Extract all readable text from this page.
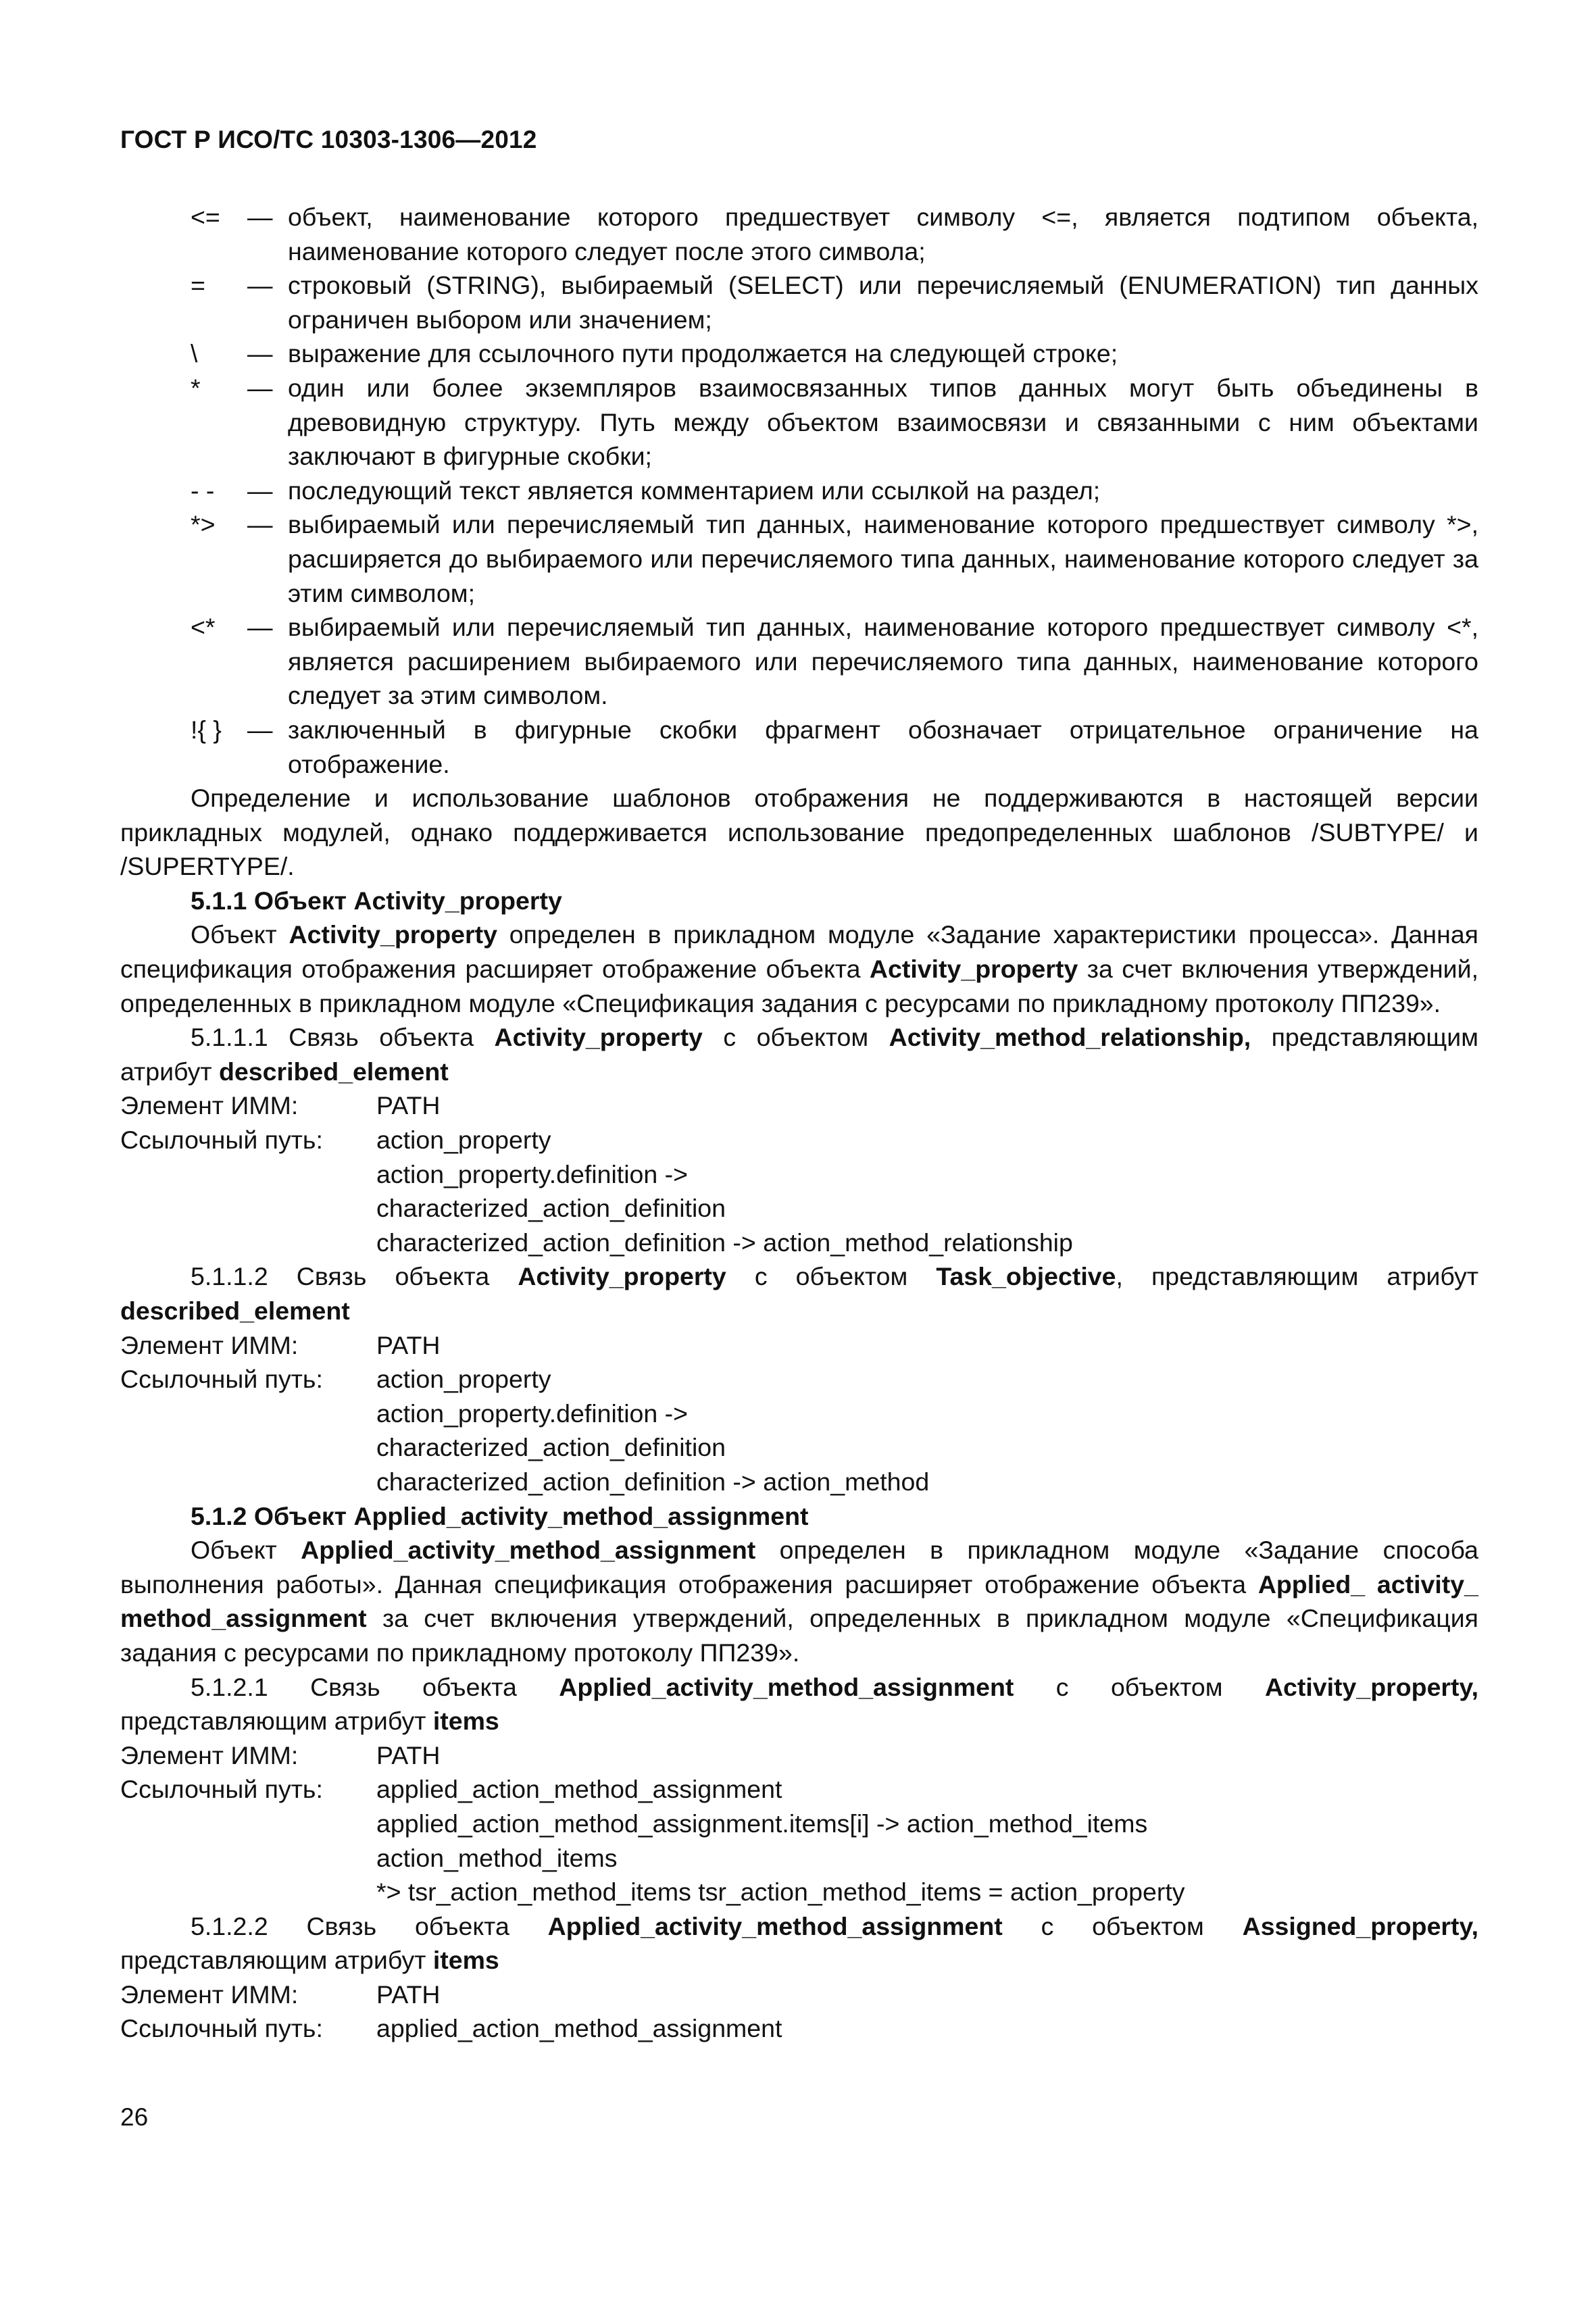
ГОСТ Р ИСО/ТС 10303-1306—2012
<= — объект, наименование которого предшествует символу <=, является подтипом объекта, наименование которого следует после этого символа;
= — строковый (STRING), выбираемый (SELECT) или перечисляемый (ENUMERATION) тип данных ограничен выбором или значением;
\ — выражение для ссылочного пути продолжается на следующей строке;
* — один или более экземпляров взаимосвязанных типов данных могут быть объединены в древовидную структуру. Путь между объектом взаимосвязи и связанными с ним объектами заключают в фигурные скобки;
- - — последующий текст является комментарием или ссылкой на раздел;
*> — выбираемый или перечисляемый тип данных, наименование которого предшествует символу *>, расширяется до выбираемого или перечисляемого типа данных, наименование которого следует за этим символом;
<* — выбираемый или перечисляемый тип данных, наименование которого предшествует символу <*, является расширением выбираемого или перечисляемого типа данных, наименование которого следует за этим символом.
!{ } — заключенный в фигурные скобки фрагмент обозначает отрицательное ограничение на отображение.
Определение и использование шаблонов отображения не поддерживаются в настоящей версии прикладных модулей, однако поддерживается использование предопределенных шаблонов /SUBTYPE/ и /SUPERTYPE/.
5.1.1 Объект Activity_property
Объект Activity_property определен в прикладном модуле «Задание характеристики процесса». Данная спецификация отображения расширяет отображение объекта Activity_property за счет включения утверждений, определенных в прикладном модуле «Спецификация задания с ресурсами по прикладному протоколу ПП239».
5.1.1.1 Связь объекта Activity_property с объектом Activity_method_relationship, представляющим атрибут described_element
Элемент ИММ:	PATH
Ссылочный путь:	action_property
action_property.definition ->
characterized_action_definition
characterized_action_definition -> action_method_relationship
5.1.1.2 Связь объекта Activity_property с объектом Task_objective, представляющим атрибут described_element
Элемент ИММ:	PATH
Ссылочный путь:	action_property
action_property.definition ->
characterized_action_definition
characterized_action_definition -> action_method
5.1.2 Объект Applied_activity_method_assignment
Объект Applied_activity_method_assignment определен в прикладном модуле «Задание способа выполнения работы». Данная спецификация отображения расширяет отображение объекта Applied_ activity_ method_assignment за счет включения утверждений, определенных в прикладном модуле «Спецификация задания с ресурсами по прикладному протоколу ПП239».
5.1.2.1 Связь объекта Applied_activity_method_assignment с объектом Activity_property, представляющим атрибут items
Элемент ИММ:	PATH
Ссылочный путь:	applied_action_method_assignment
applied_action_method_assignment.items[i] -> action_method_items
action_method_items
*> tsr_action_method_items tsr_action_method_items = action_property
5.1.2.2 Связь объекта Applied_activity_method_assignment с объектом Assigned_property, представляющим атрибут items
Элемент ИММ:	PATH
Ссылочный путь:	applied_action_method_assignment
26
